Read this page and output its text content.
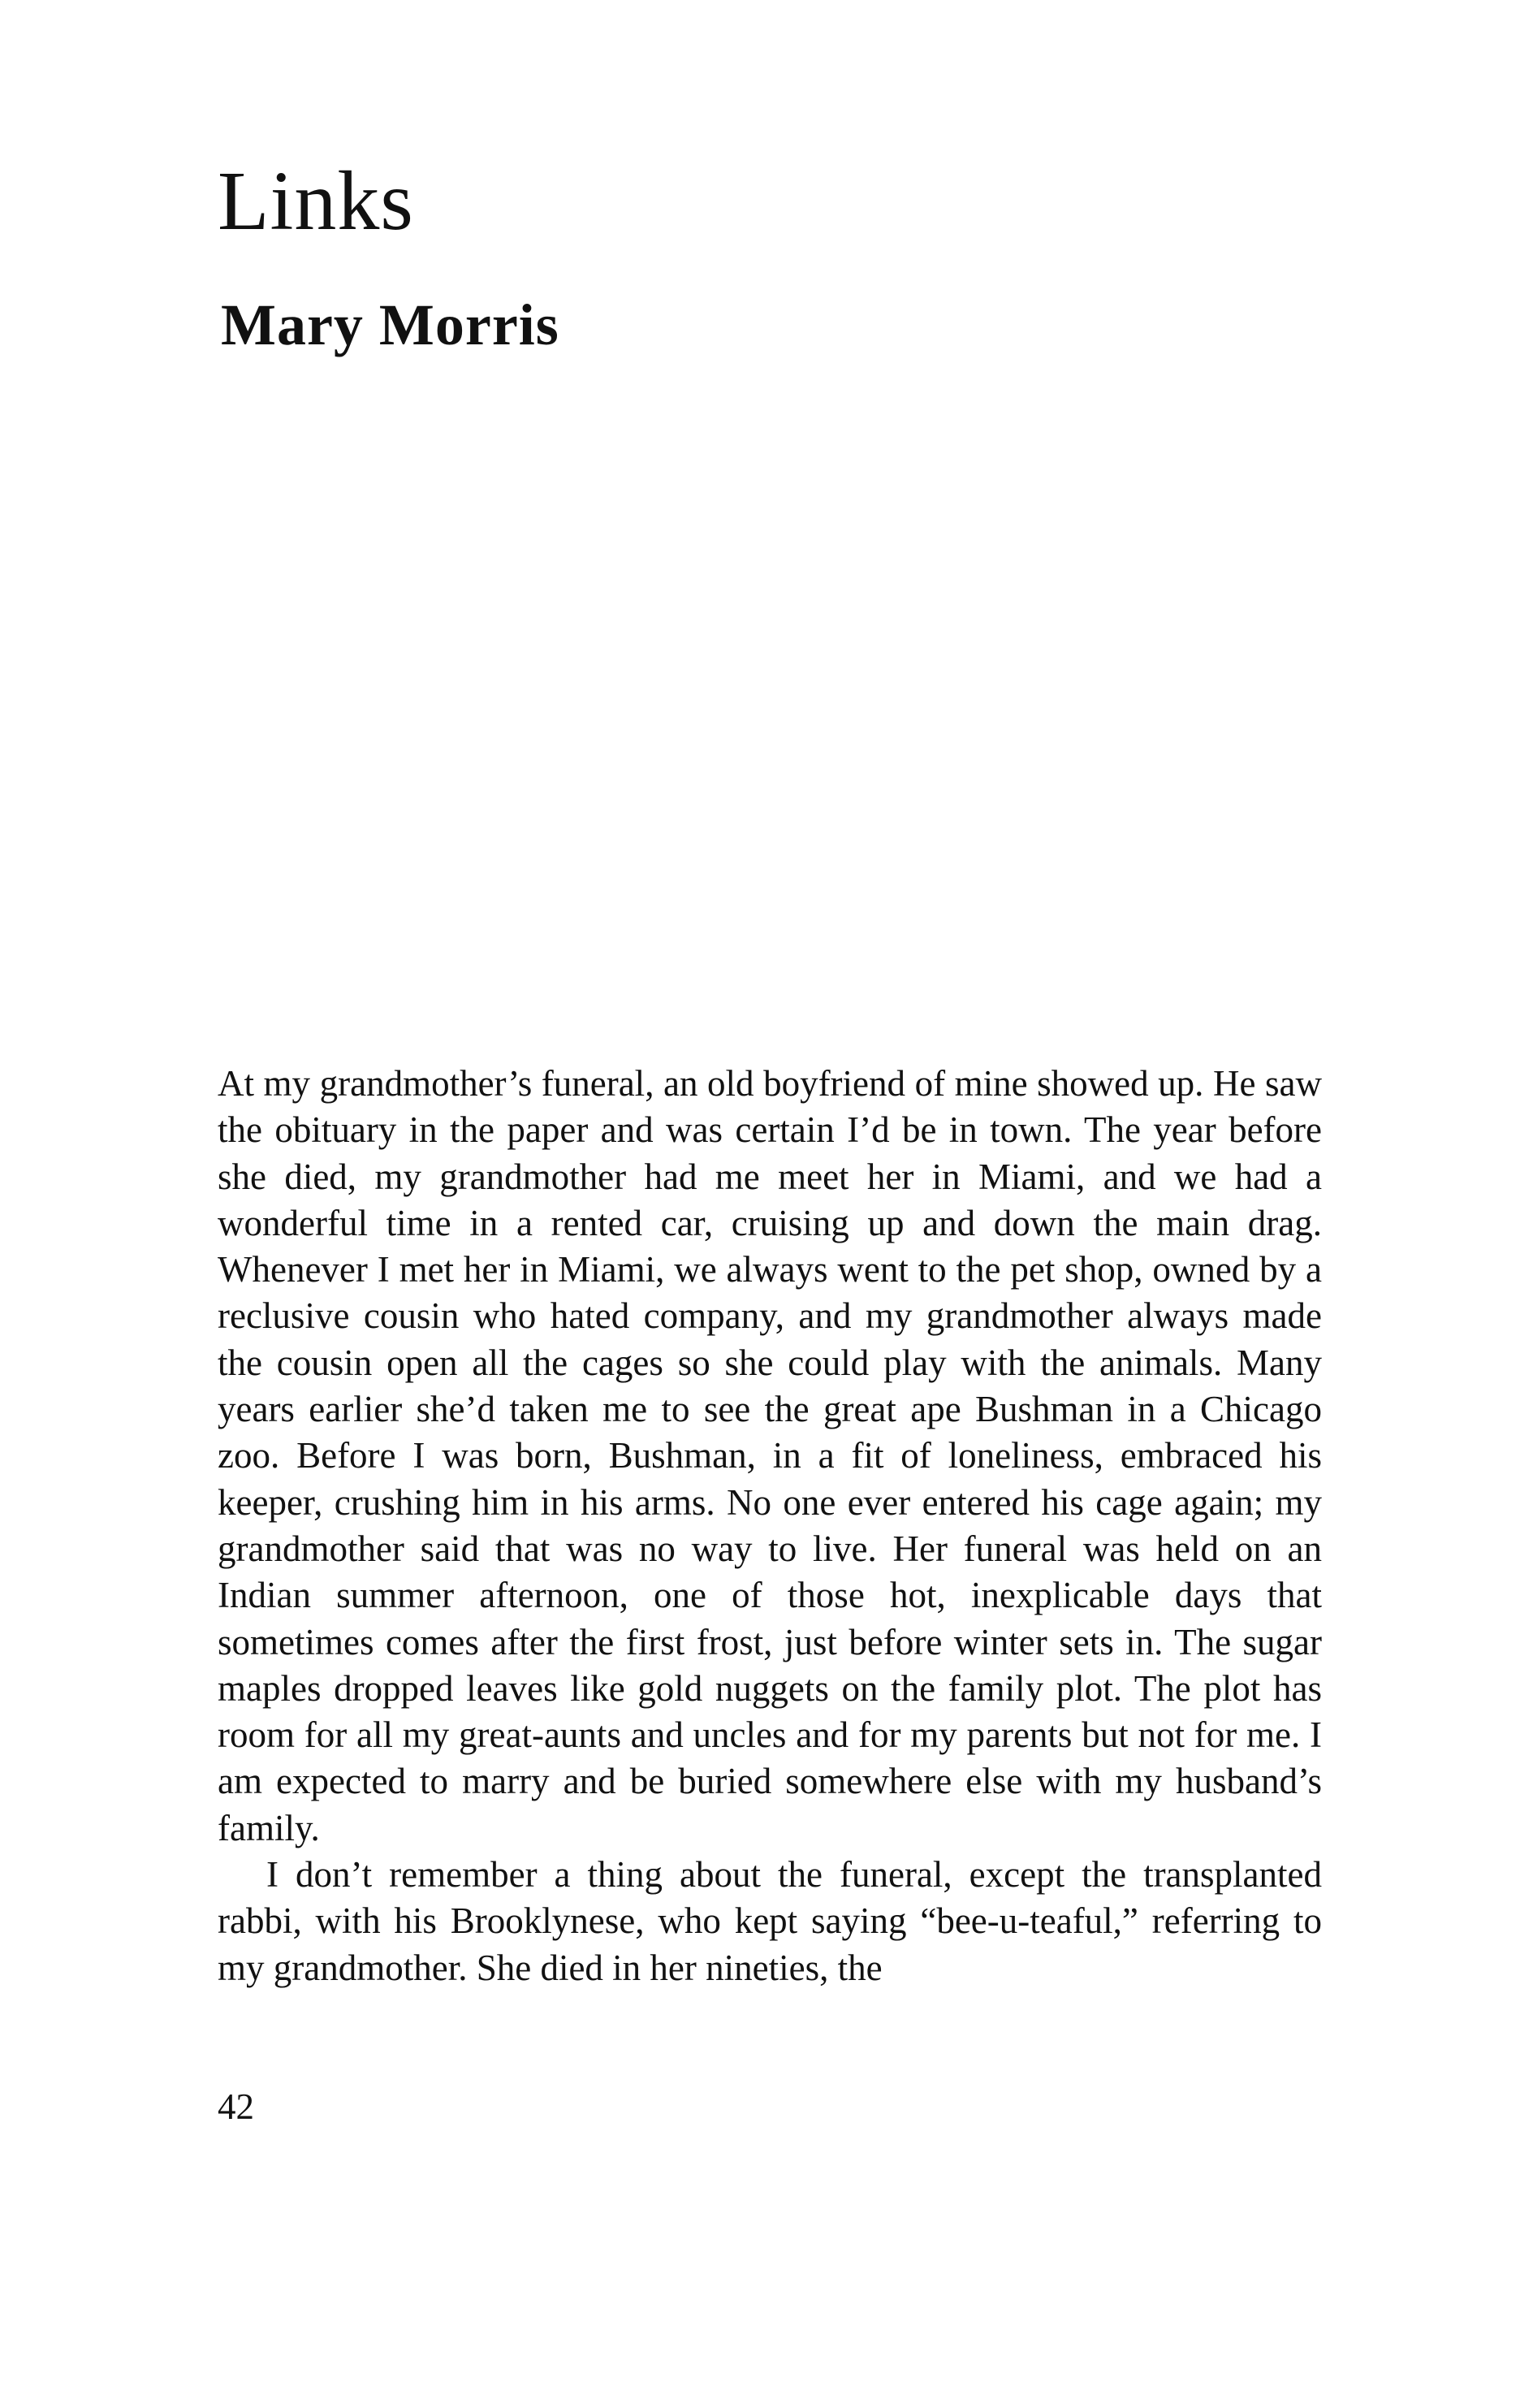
Links
Mary Morris

At my grandmother’s funeral, an old boyfriend of mine showed up. He saw the obituary in the paper and was certain I’d be in town. The year before she died, my grandmother had me meet her in Miami, and we had a wonderful time in a rented car, cruising up and down the main drag. Whenever I met her in Miami, we always went to the pet shop, owned by a reclusive cousin who hated company, and my grandmother always made the cousin open all the cages so she could play with the animals. Many years earlier she’d taken me to see the great ape Bushman in a Chicago zoo. Before I was born, Bushman, in a fit of loneliness, embraced his keeper, crushing him in his arms. No one ever entered his cage again; my grandmother said that was no way to live. Her funeral was held on an Indian summer afternoon, one of those hot, inexplicable days that sometimes comes after the first frost, just before winter sets in. The sugar maples dropped leaves like gold nuggets on the family plot. The plot has room for all my great-aunts and uncles and for my parents but not for me. I am expected to marry and be buried somewhere else with my husband’s family.

I don’t remember a thing about the funeral, except the transplanted rabbi, with his Brooklynese, who kept saying “bee-u-teaful,” referring to my grandmother. She died in her nineties, the

42
